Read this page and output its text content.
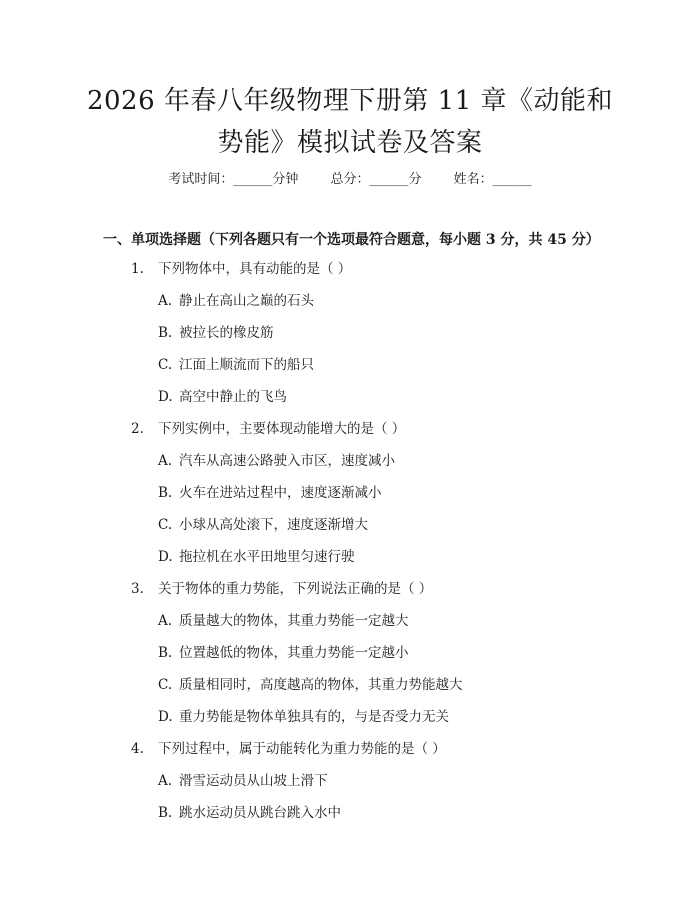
2026 年春八年级物理下册第 11 章《动能和
势能》模拟试卷及答案
考试时间：______分钟 总分：______分 姓名：______
一、单项选择题（下列各题只有一个选项最符合题意，每小题 3 分，共 45 分）
1. 下列物体中，具有动能的是（ ）
A. 静止在高山之巅的石头
B. 被拉长的橡皮筋
C. 江面上顺流而下的船只
D. 高空中静止的飞鸟
2. 下列实例中，主要体现动能增大的是（ ）
A. 汽车从高速公路驶入市区，速度减小
B. 火车在进站过程中，速度逐渐减小
C. 小球从高处滚下，速度逐渐增大
D. 拖拉机在水平田地里匀速行驶
3. 关于物体的重力势能，下列说法正确的是（ ）
A. 质量越大的物体，其重力势能一定越大
B. 位置越低的物体，其重力势能一定越小
C. 质量相同时，高度越高的物体，其重力势能越大
D. 重力势能是物体单独具有的，与是否受力无关
4. 下列过程中，属于动能转化为重力势能的是（ ）
A. 滑雪运动员从山坡上滑下
B. 跳水运动员从跳台跳入水中
